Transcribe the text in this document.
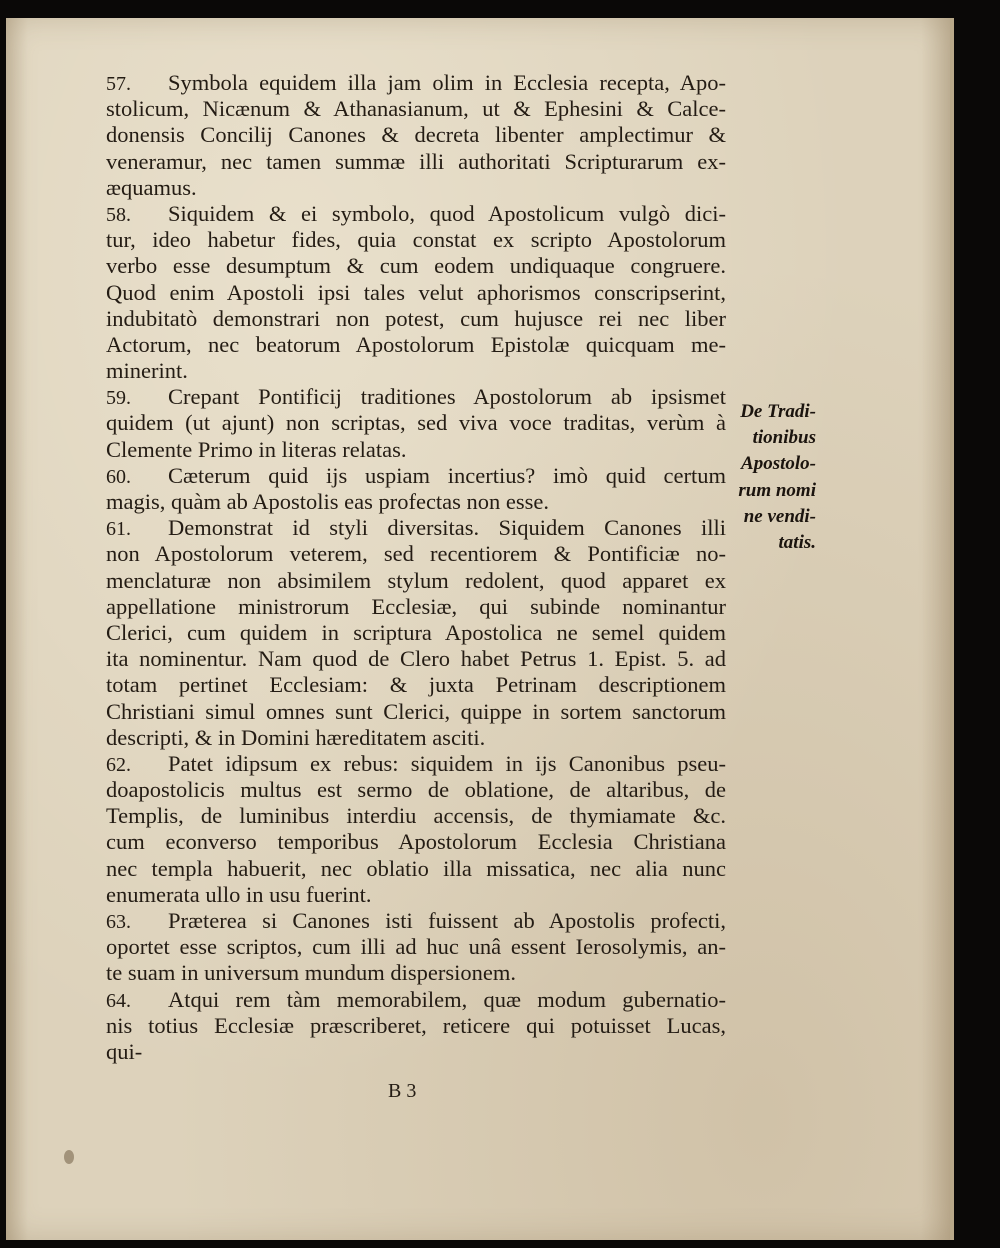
57. Symbola equidem illa jam olim in Ecclesia recepta, Apo-
stolicum, Nicænum & Athanasianum, ut & Ephesini & Calce-
donensis Concilij Canones & decreta libenter amplectimur &
veneramur, nec tamen summæ illi authoritati Scripturarum ex-
æquamus.
58. Siquidem & ei symbolo, quod Apostolicum vulgò dici-
tur, ideo habetur fides, quia constat ex scripto Apostolorum
verbo esse desumptum & cum eodem undiquaque congruere.
Quod enim Apostoli ipsi tales velut aphorismos conscripserint,
indubitatò demonstrari non potest, cum hujusce rei nec liber
Actorum, nec beatorum Apostolorum Epistolæ quicquam me-
minerint.
59. Crepant Pontificij traditiones Apostolorum ab ipsismet
quidem (ut ajunt) non scriptas, sed viva voce traditas, verùm à
Clemente Primo in literas relatas.
60. Cæterum quid ijs uspiam incertius? imò quid certum
magis, quàm ab Apostolis eas profectas non esse.
61. Demonstrat id styli diversitas. Siquidem Canones illi
non Apostolorum veterem, sed recentiorem & Pontificiæ no-
menclaturæ non absimilem stylum redolent, quod apparet ex
appellatione ministrorum Ecclesiæ, qui subinde nominantur
Clerici, cum quidem in scriptura Apostolica ne semel quidem
ita nominentur. Nam quod de Clero habet Petrus 1. Epist. 5. ad
totam pertinet Ecclesiam: & juxta Petrinam descriptionem
Christiani simul omnes sunt Clerici, quippe in sortem sanctorum
descripti, & in Domini hæreditatem asciti.
62. Patet idipsum ex rebus: siquidem in ijs Canonibus pseu-
doapostolicis multus est sermo de oblatione, de altaribus, de
Templis, de luminibus interdiu accensis, de thymiamate &c.
cum econverso temporibus Apostolorum Ecclesia Christiana
nec templa habuerit, nec oblatio illa missatica, nec alia nunc
enumerata ullo in usu fuerint.
63. Præterea si Canones isti fuissent ab Apostolis profecti,
oportet esse scriptos, cum illi ad huc unâ essent Ierosolymis, an-
te suam in universum mundum dispersionem.
64. Atqui rem tàm memorabilem, quæ modum gubernatio-
nis totius Ecclesiæ præscriberet, reticere qui potuisset Lucas,
qui-
De Tradi-
tionibus
Apostolo-
rum nomi
ne vendi-
tatis.
B 3
